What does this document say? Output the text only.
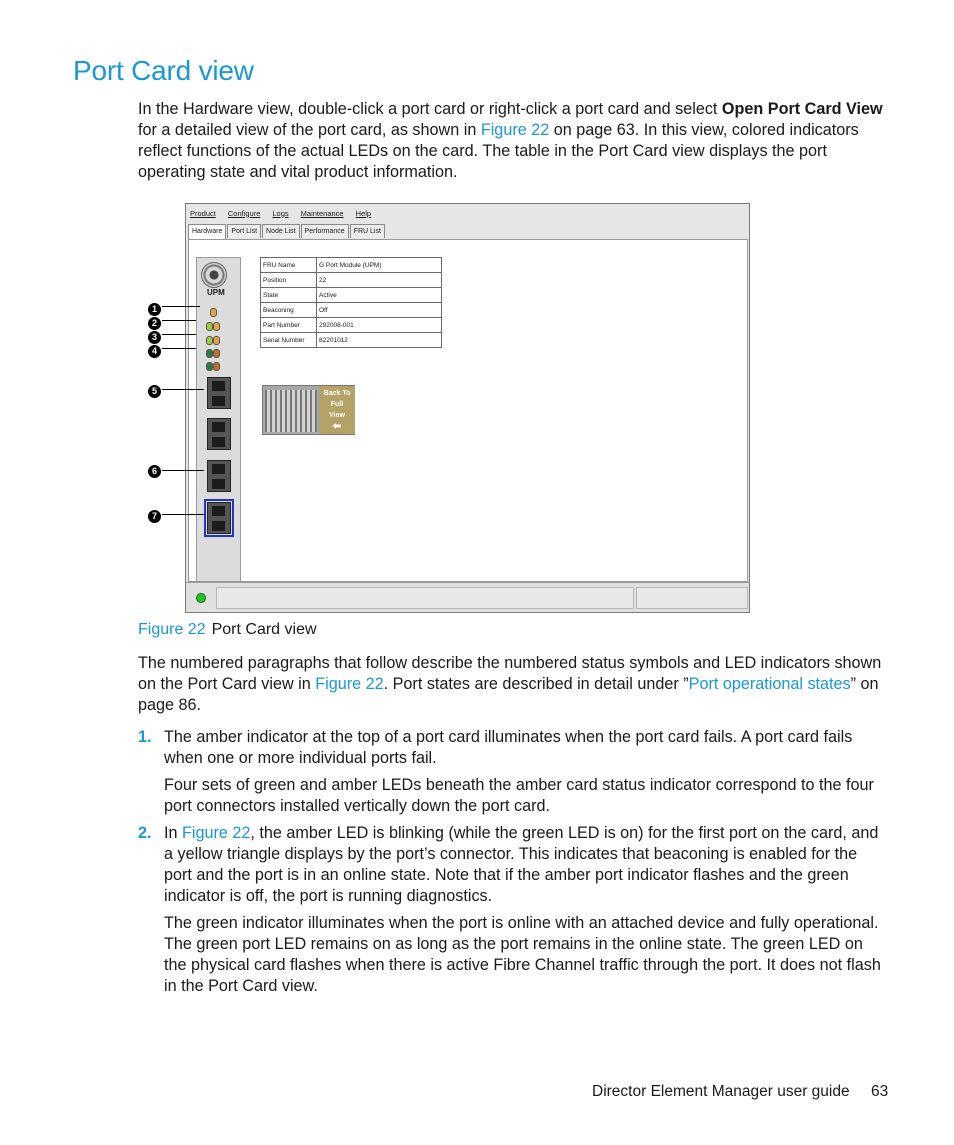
Port Card view

In the Hardware view, double-click a port card or right-click a port card and select Open Port Card View for a detailed view of the port card, as shown in Figure 22 on page 63. In this view, colored indicators reflect functions of the actual LEDs on the card. The table in the Port Card view displays the port operating state and vital product information.

Product Configure Logs Maintenance Help
Hardware	Port List	Node List	Performance	FRU List
UPM
FRU Name	G Port Module (UPM)
Position	22
State	Active
Beaconing	Off
Part Number	292008-001
Serial Number	82201012
Back To
Full
View
⬅
1
2
3
4
5
6
7
Figure 22 Port Card view

The numbered paragraphs that follow describe the numbered status symbols and LED indicators shown on the Port Card view in Figure 22. Port states are described in detail under ”Port operational states” on page 86.

1. The amber indicator at the top of a port card illuminates when the port card fails. A port card fails when one or more individual ports fail.

Four sets of green and amber LEDs beneath the amber card status indicator correspond to the four port connectors installed vertically down the port card.

2. In Figure 22, the amber LED is blinking (while the green LED is on) for the first port on the card, and a yellow triangle displays by the port’s connector. This indicates that beaconing is enabled for the port and the port is in an online state. Note that if the amber port indicator flashes and the green indicator is off, the port is running diagnostics.

The green indicator illuminates when the port is online with an attached device and fully operational. The green port LED remains on as long as the port remains in the online state. The green LED on the physical card flashes when there is active Fibre Channel traffic through the port. It does not flash in the Port Card view.

Director Element Manager user guide 63
